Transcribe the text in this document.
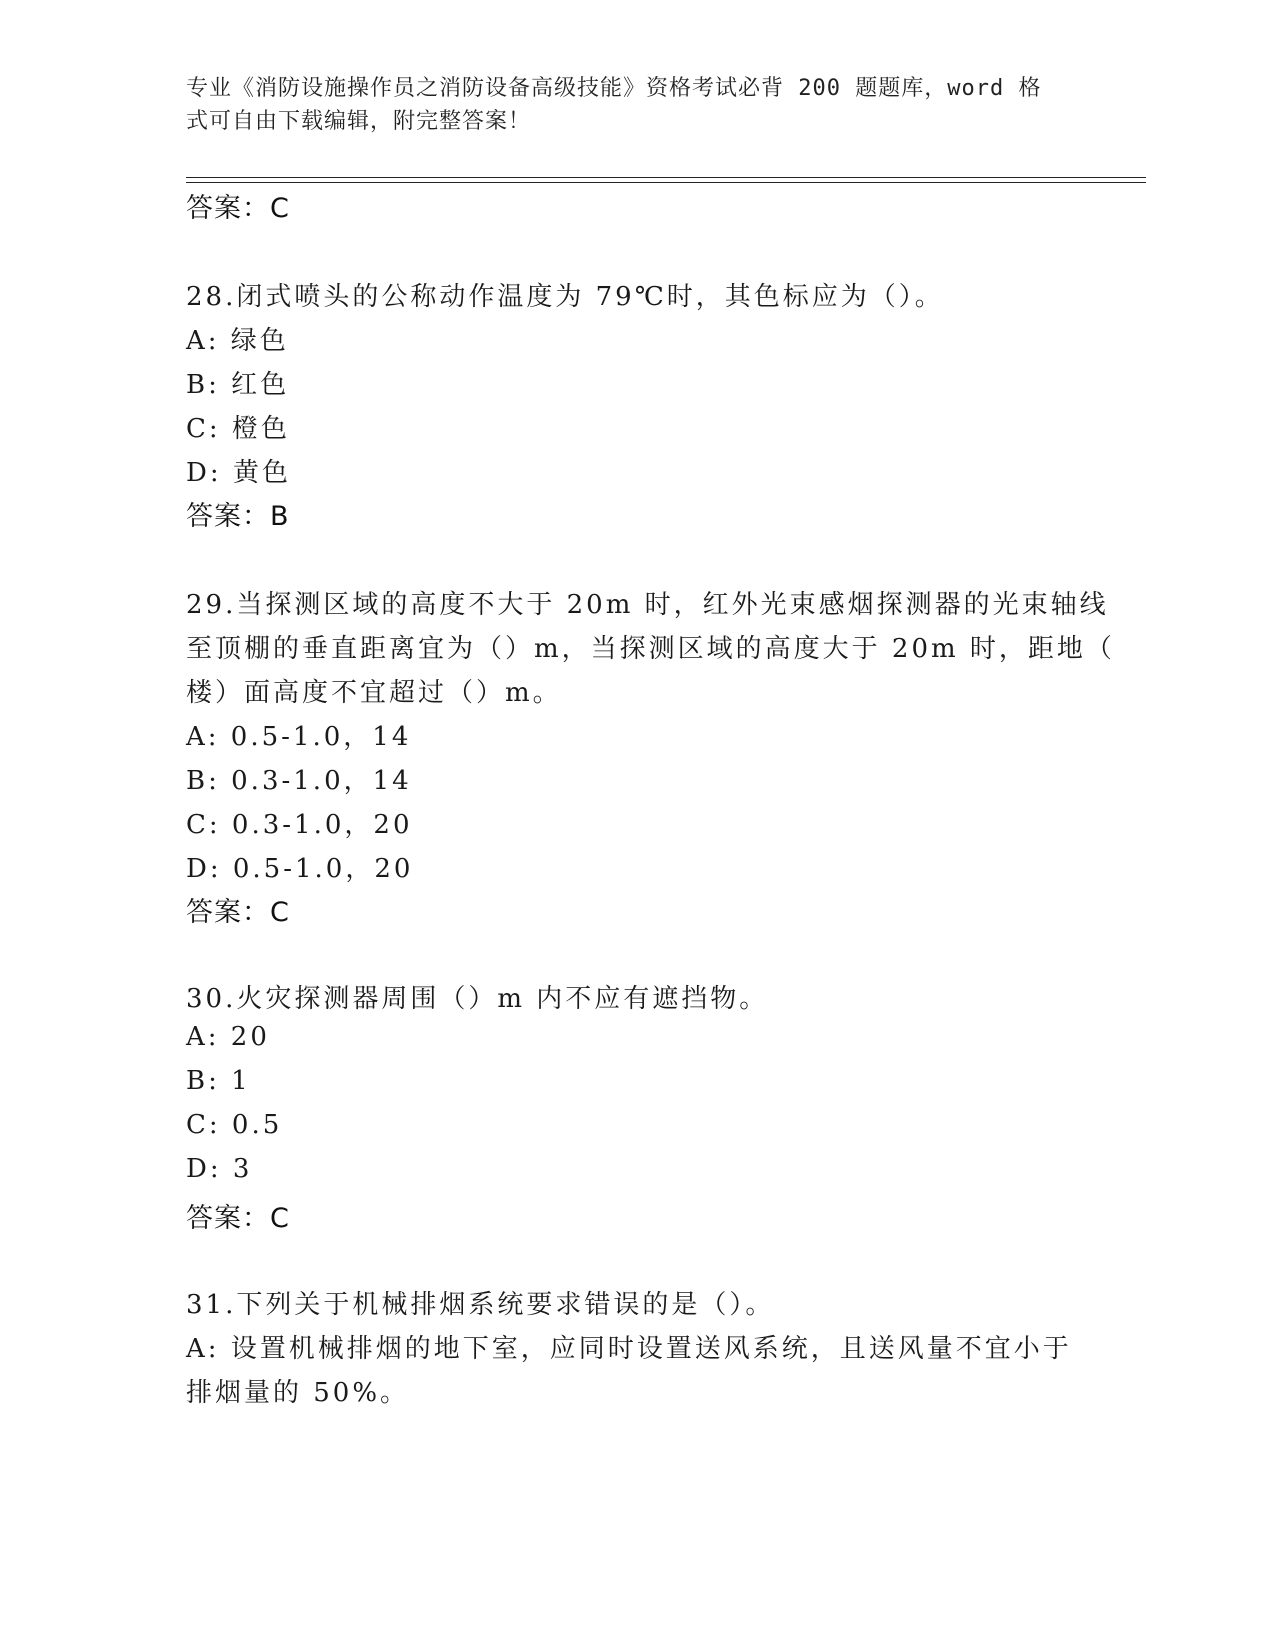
专业《消防设施操作员之消防设备高级技能》资格考试必背 200 题题库，word 格
式可自由下载编辑，附完整答案！
答案：C
28.闭式喷头的公称动作温度为 79℃时，其色标应为（）。
A: 绿色
B: 红色
C: 橙色
D: 黄色
答案：B
29.当探测区域的高度不大于 20m 时，红外光束感烟探测器的光束轴线
至顶棚的垂直距离宜为（）m，当探测区域的高度大于 20m 时，距地（
楼）面高度不宜超过（）m。
A: 0.5-1.0，14
B: 0.3-1.0，14
C: 0.3-1.0，20
D: 0.5-1.0，20
答案：C
30.火灾探测器周围（）m 内不应有遮挡物。
A: 20
B: 1
C: 0.5
D: 3
答案：C
31.下列关于机械排烟系统要求错误的是（）。
A: 设置机械排烟的地下室，应同时设置送风系统，且送风量不宜小于
排烟量的 50%。
